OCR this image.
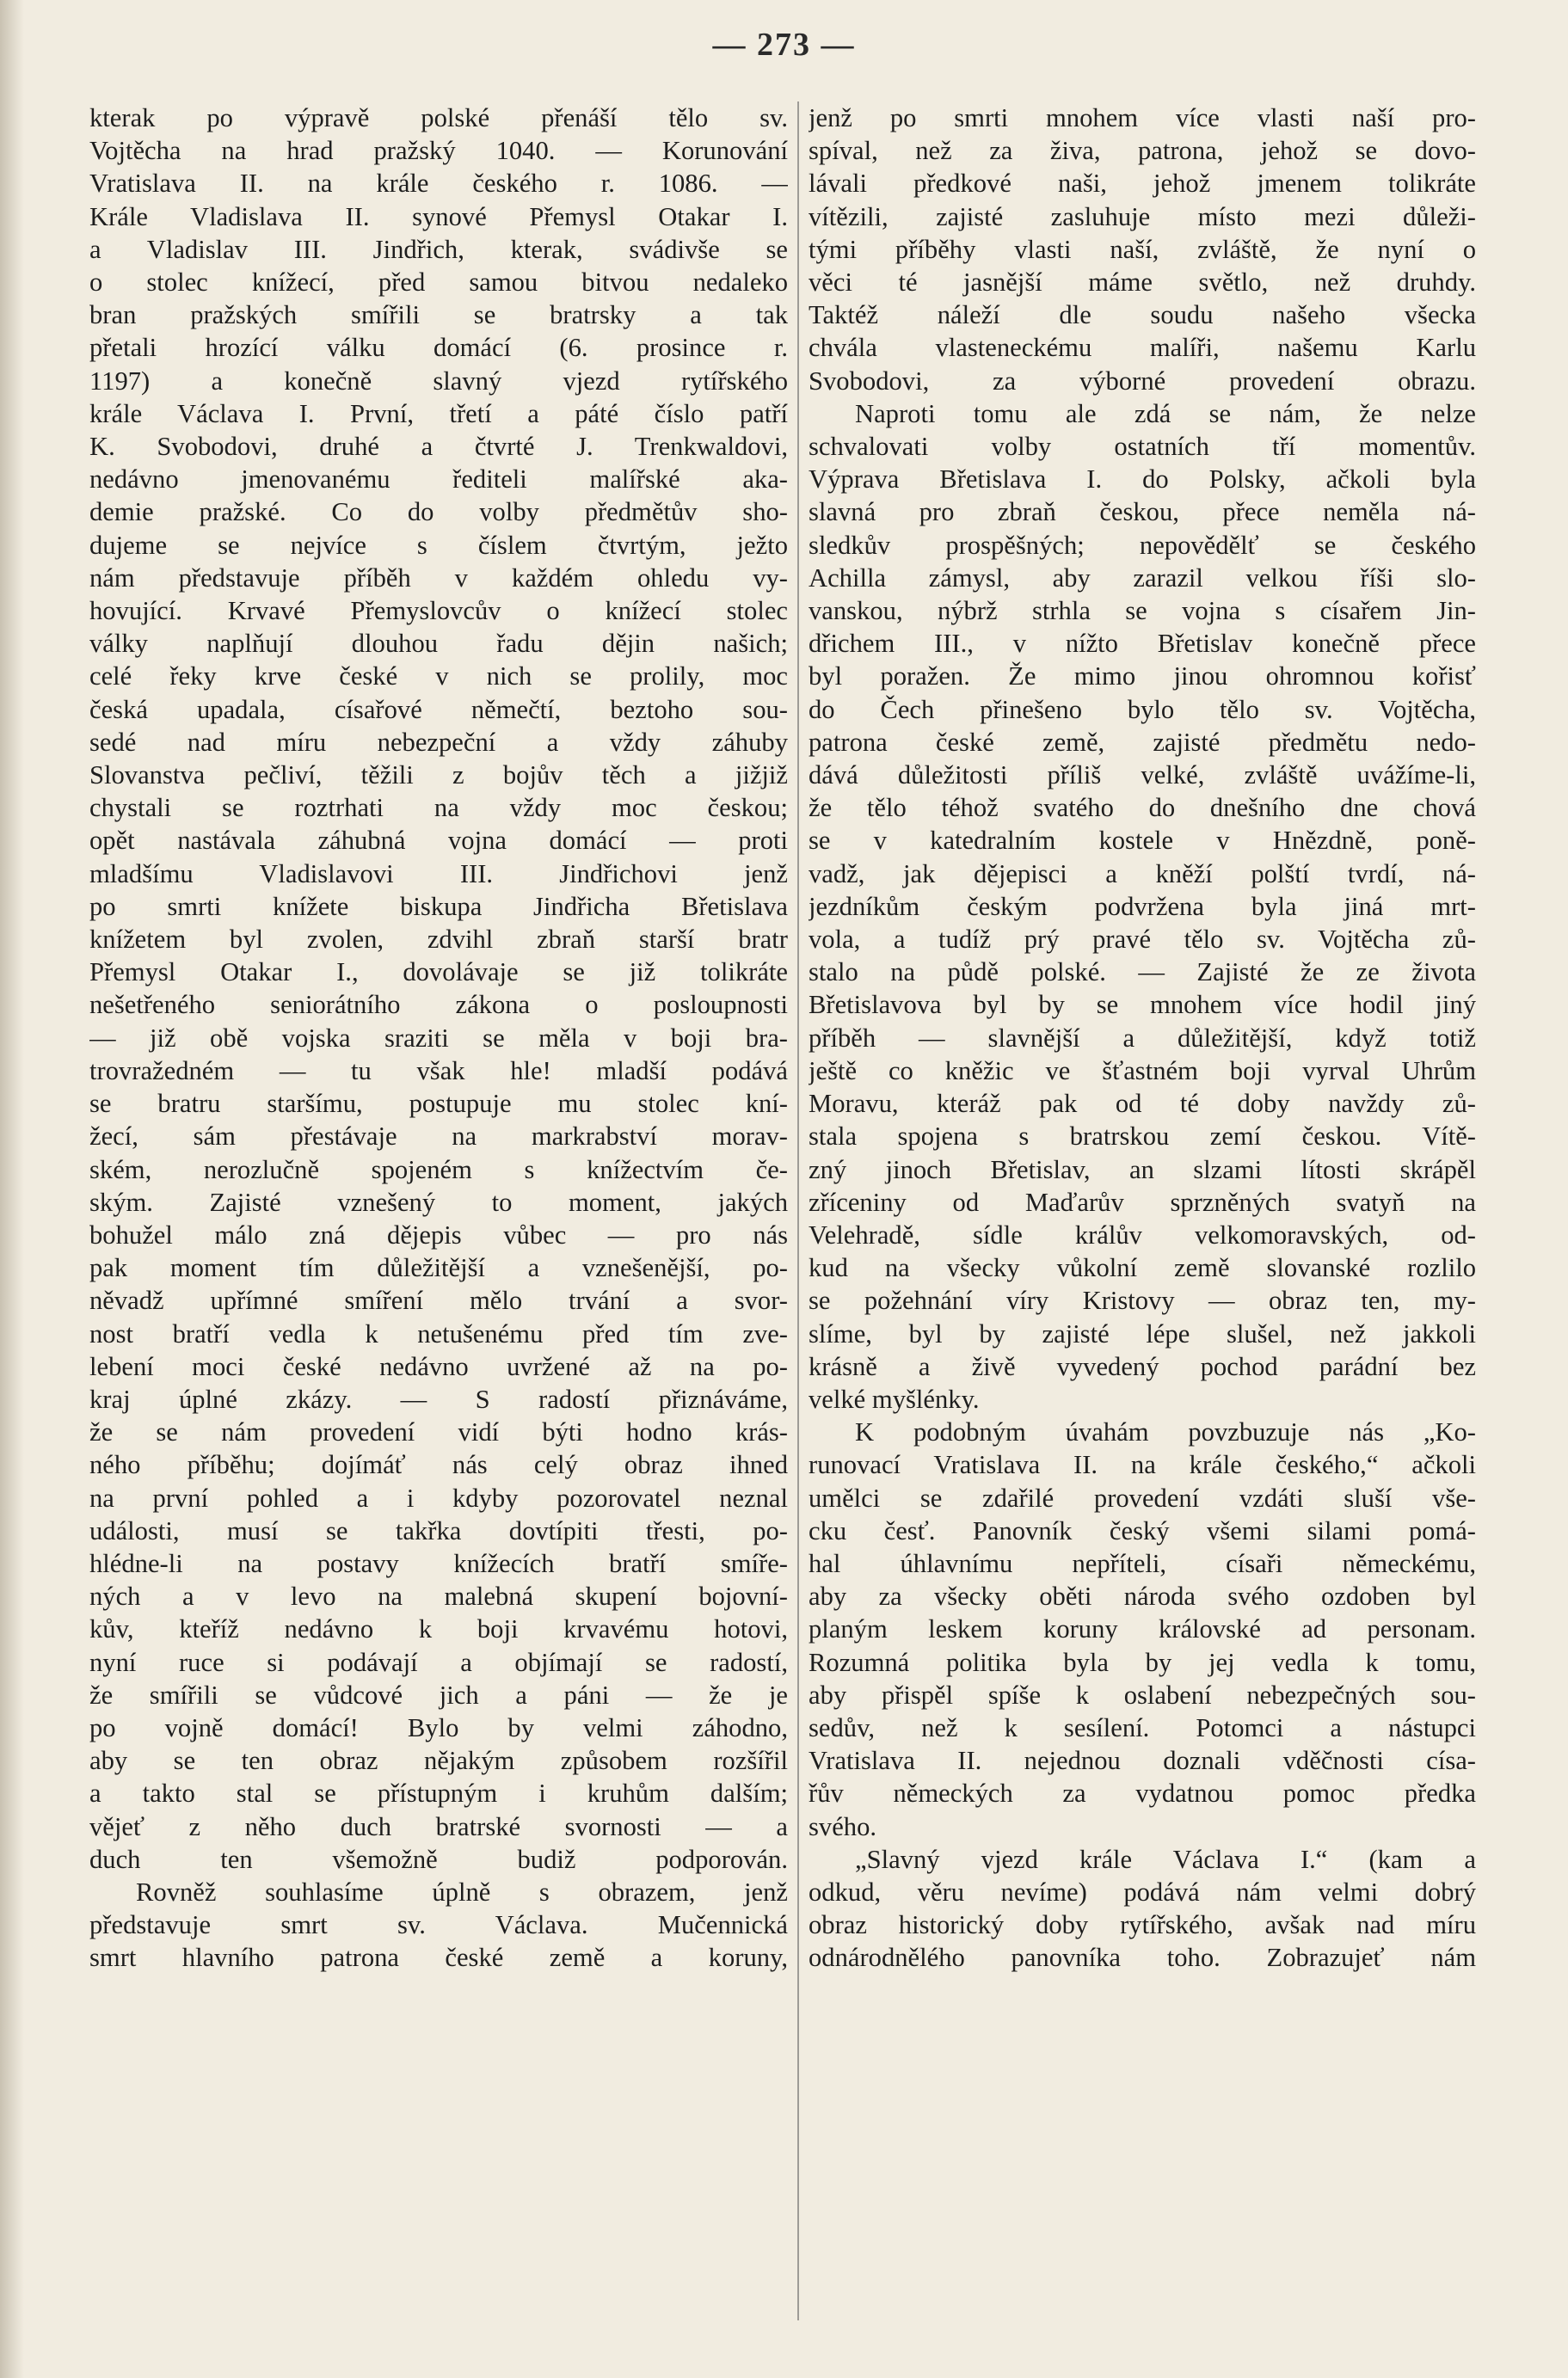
— 273 —
kterak po výpravě polské přenáší tělo sv.
Vojtěcha na hrad pražský 1040. — Korunování
Vratislava II. na krále českého r. 1086. —
Krále Vladislava II. synové Přemysl Otakar I.
a Vladislav III. Jindřich, kterak, svádivše se
o stolec knížecí, před samou bitvou nedaleko
bran pražských smířili se bratrsky a tak
přetali hrozící válku domácí (6. prosince r.
1197) a konečně slavný vjezd rytířského
krále Václava I. První, třetí a páté číslo patří
K. Svobodovi, druhé a čtvrté J. Trenkwaldovi,
nedávno jmenovanému řediteli malířské aka-
demie pražské. Co do volby předmětův sho-
dujeme se nejvíce s číslem čtvrtým, ježto
nám představuje příběh v každém ohledu vy-
hovující. Krvavé Přemyslovcův o knížecí stolec
války naplňují dlouhou řadu dějin našich;
celé řeky krve české v nich se prolily, moc
česká upadala, císařové němečtí, beztoho sou-
sedé nad míru nebezpeční a vždy záhuby
Slovanstva pečliví, těžili z bojův těch a jižjiž
chystali se roztrhati na vždy moc českou;
opět nastávala záhubná vojna domácí — proti
mladšímu Vladislavovi III. Jindřichovi jenž
po smrti knížete biskupa Jindřicha Břetislava
knížetem byl zvolen, zdvihl zbraň starší bratr
Přemysl Otakar I., dovolávaje se již tolikráte
nešetřeného seniorátního zákona o posloupnosti
— již obě vojska sraziti se měla v boji bra-
trovražedném — tu však hle! mladší podává
se bratru staršímu, postupuje mu stolec kní-
žecí, sám přestávaje na markrabství morav-
ském, nerozlučně spojeném s knížectvím če-
ským. Zajisté vznešený to moment, jakých
bohužel málo zná dějepis vůbec — pro nás
pak moment tím důležitější a vznešenější, po-
něvadž upřímné smíření mělo trvání a svor-
nost bratří vedla k netušenému před tím zve-
lebení moci české nedávno uvržené až na po-
kraj úplné zkázy. — S radostí přiznáváme,
že se nám provedení vidí býti hodno krás-
ného příběhu; dojímáť nás celý obraz ihned
na první pohled a i kdyby pozorovatel neznal
události, musí se takřka dovtípiti třesti, po-
hlédne-li na postavy knížecích bratří smíře-
ných a v levo na malebná skupení bojovní-
kův, kteříž nedávno k boji krvavému hotovi,
nyní ruce si podávají a objímají se radostí,
že smířili se vůdcové jich a páni — že je
po vojně domácí! Bylo by velmi záhodno,
aby se ten obraz nějakým způsobem rozšířil
a takto stal se přístupným i kruhům dalším;
vějeť z něho duch bratrské svornosti — a
duch ten všemožně budiž podporován.
Rovněž souhlasíme úplně s obrazem, jenž
představuje smrt sv. Václava. Mučennická
smrt hlavního patrona české země a koruny,
jenž po smrti mnohem více vlasti naší pro-
spíval, než za živa, patrona, jehož se dovo-
lávali předkové naši, jehož jmenem tolikráte
vítězili, zajisté zasluhuje místo mezi důleži-
tými příběhy vlasti naší, zvláště, že nyní o
věci té jasnější máme světlo, než druhdy.
Taktéž náleží dle soudu našeho všecka
chvála vlasteneckému malíři, našemu Karlu
Svobodovi, za výborné provedení obrazu.
Naproti tomu ale zdá se nám, že nelze
schvalovati volby ostatních tří momentův.
Výprava Břetislava I. do Polsky, ačkoli byla
slavná pro zbraň českou, přece neměla ná-
sledkův prospěšných; nepovědělť se českého
Achilla zámysl, aby zarazil velkou říši slo-
vanskou, nýbrž strhla se vojna s císařem Jin-
dřichem III., v nížto Břetislav konečně přece
byl poražen. Že mimo jinou ohromnou kořisť
do Čech přinešeno bylo tělo sv. Vojtěcha,
patrona české země, zajisté předmětu nedo-
dává důležitosti příliš velké, zvláště uvážíme-li,
že tělo téhož svatého do dnešního dne chová
se v katedralním kostele v Hnězdně, poně-
vadž, jak dějepisci a kněží polští tvrdí, ná-
jezdníkům českým podvržena byla jiná mrt-
vola, a tudíž prý pravé tělo sv. Vojtěcha zů-
stalo na půdě polské. — Zajisté že ze života
Břetislavova byl by se mnohem více hodil jiný
příběh — slavnější a důležitější, když totiž
ještě co kněžic ve šťastném boji vyrval Uhrům
Moravu, kteráž pak od té doby navždy zů-
stala spojena s bratrskou zemí českou. Vítě-
zný jinoch Břetislav, an slzami lítosti skrápěl
zříceniny od Maďarův sprzněných svatyň na
Velehradě, sídle králův velkomoravských, od-
kud na všecky vůkolní země slovanské rozlilo
se požehnání víry Kristovy — obraz ten, my-
slíme, byl by zajisté lépe slušel, než jakkoli
krásně a živě vyvedený pochod parádní bez
velké myšlénky.
K podobným úvahám povzbuzuje nás „Ko-
runovací Vratislava II. na krále českého,“ ačkoli
umělci se zdařilé provedení vzdáti sluší vše-
cku česť. Panovník český všemi silami pomá-
hal úhlavnímu nepříteli, císaři německému,
aby za všecky oběti národa svého ozdoben byl
planým leskem koruny královské ad personam.
Rozumná politika byla by jej vedla k tomu,
aby přispěl spíše k oslabení nebezpečných sou-
sedův, než k sesílení. Potomci a nástupci
Vratislava II. nejednou doznali vděčnosti císa-
řův německých za vydatnou pomoc předka
svého.
„Slavný vjezd krále Václava I.“ (kam a
odkud, věru nevíme) podává nám velmi dobrý
obraz historický doby rytířského, avšak nad míru
odnárodnělého panovníka toho. Zobrazujeť nám
